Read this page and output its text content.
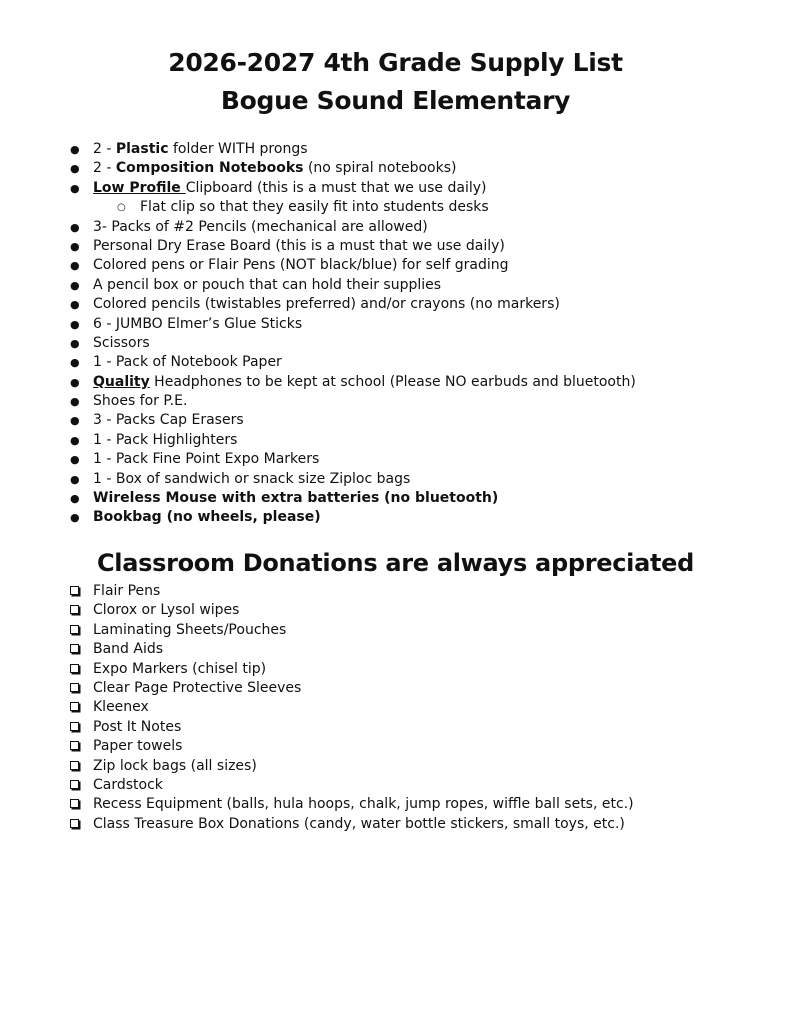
2026-2027 4th Grade Supply List
Bogue Sound Elementary
● 2 - Plastic folder WITH prongs
● 2 - Composition Notebooks (no spiral notebooks)
● Low Profile Clipboard (this is a must that we use daily)
○ Flat clip so that they easily fit into students desks
● 3- Packs of #2 Pencils (mechanical are allowed)
● Personal Dry Erase Board (this is a must that we use daily)
● Colored pens or Flair Pens (NOT black/blue) for self grading
● A pencil box or pouch that can hold their supplies
● Colored pencils (twistables preferred) and/or crayons (no markers)
● 6 - JUMBO Elmer’s Glue Sticks
● Scissors
● 1 - Pack of Notebook Paper
● Quality Headphones to be kept at school (Please NO earbuds and bluetooth)
● Shoes for P.E.
● 3 - Packs Cap Erasers
● 1 - Pack Highlighters
● 1 - Pack Fine Point Expo Markers
● 1 - Box of sandwich or snack size Ziploc bags
● Wireless Mouse with extra batteries (no bluetooth)
● Bookbag (no wheels, please)
Classroom Donations are always appreciated
Flair Pens
Clorox or Lysol wipes
Laminating Sheets/Pouches
Band Aids
Expo Markers (chisel tip)
Clear Page Protective Sleeves
Kleenex
Post It Notes
Paper towels
Zip lock bags (all sizes)
Cardstock
Recess Equipment (balls, hula hoops, chalk, jump ropes, wiffle ball sets, etc.)
Class Treasure Box Donations (candy, water bottle stickers, small toys, etc.)
